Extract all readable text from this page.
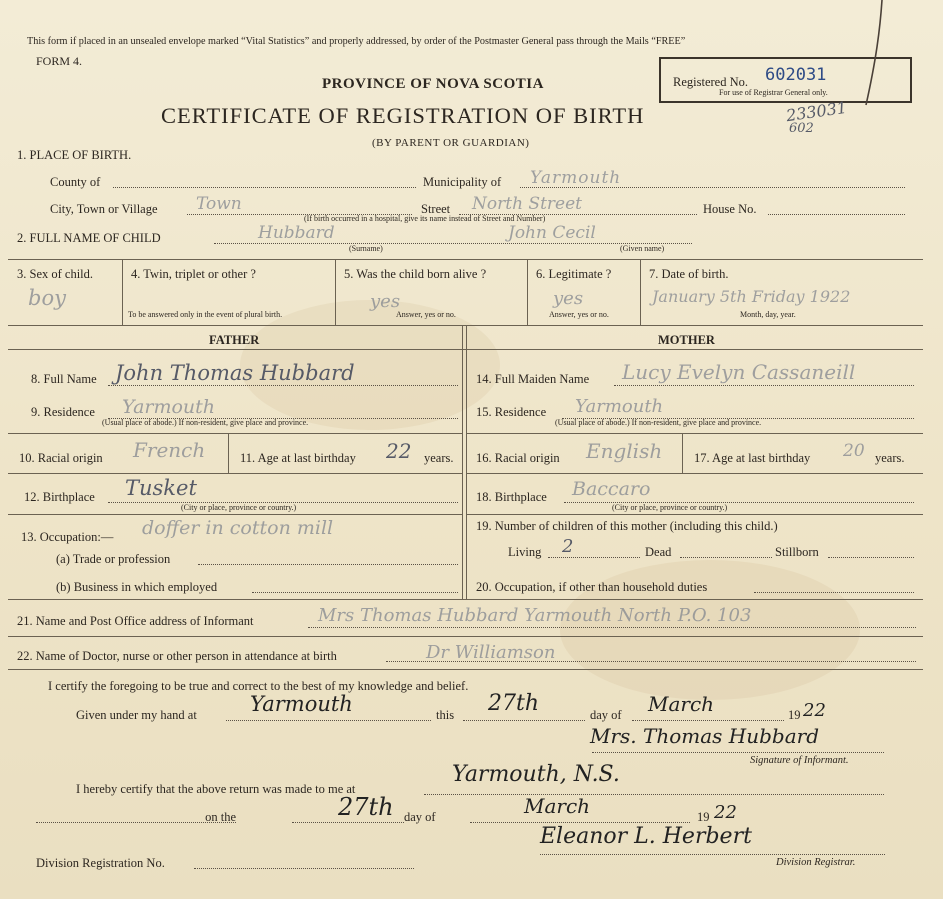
This form if placed in an unsealed envelope marked “Vital Statistics” and properly addressed, by order of the Postmaster General pass through the Mails “FREE”
FORM 4.
PROVINCE OF NOVA SCOTIA
CERTIFICATE OF REGISTRATION OF BIRTH
(BY PARENT OR GUARDIAN)
Registered No. 602031
For use of Registrar General only.
233031
602
1. PLACE OF BIRTH.
County of	Municipality of Yarmouth
City, Town or Village Town	Street North Street	House No.
(If birth occurred in a hospital, give its name instead of Street and Number)
2. FULL NAME OF CHILD	Hubbard
(Surname)
John Cecil
(Given name)
3. Sex of child.
boy
4. Twin, triplet or other ?
To be answered only in the event of plural birth.
5. Was the child born alive ?
yes
Answer, yes or no.
6. Legitimate ?
yes
Answer, yes or no.
7. Date of birth.
January 5th Friday 1922
Month, day, year.
FATHER	MOTHER
8. Full Name John Thomas Hubbard
9. Residence Yarmouth
(Usual place of abode.) If non-resident, give place and province.
10. Racial origin French	11. Age at last birthday 22 years.
12. Birthplace Tusket
(City or place, province or country.)
13. Occupation:— doffer in cotton mill
(a) Trade or profession
(b) Business in which employed
14. Full Maiden Name Lucy Evelyn Cassaneill
15. Residence Yarmouth
(Usual place of abode.) If non-resident, give place and province.
16. Racial origin English	17. Age at last birthday 20 years.
18. Birthplace Baccaro
(City or place, province or country.)
19. Number of children of this mother (including this child.)
Living 2	Dead	Stillborn
20. Occupation, if other than household duties
21. Name and Post Office address of Informant	Mrs Thomas Hubbard Yarmouth North P.O. 103
22. Name of Doctor, nurse or other person in attendance at birth	Dr Williamson
I certify the foregoing to be true and correct to the best of my knowledge and belief.
Given under my hand at	Yarmouth	this 27th	day of March	19 22
Mrs. Thomas Hubbard
Signature of Informant.
I hereby certify that the above return was made to me at
Yarmouth, N.S.
on the	27th day of	March	19 22
Eleanor L. Herbert
Division Registration No.	Division Registrar.
